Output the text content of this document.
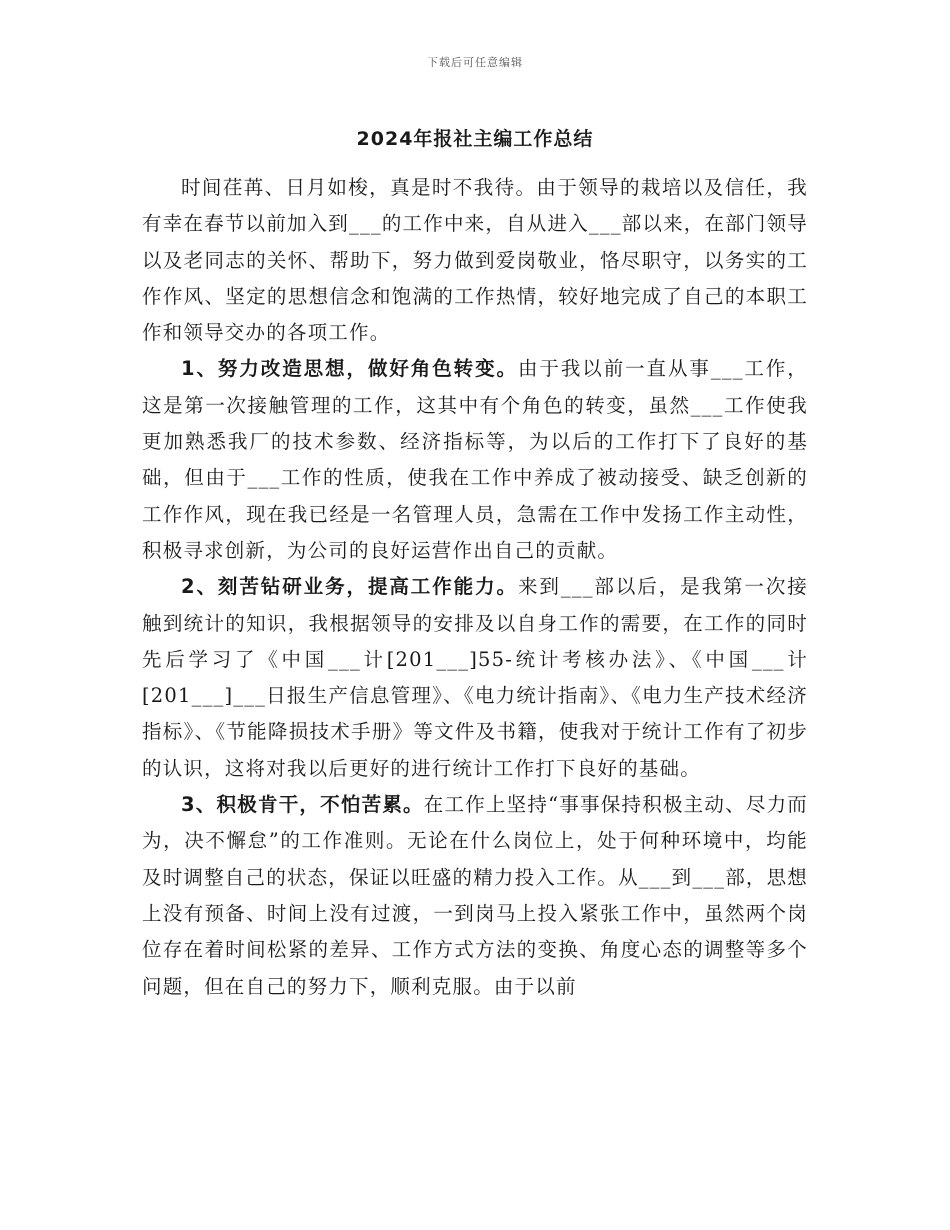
下载后可任意编辑
2024年报社主编工作总结

时间荏苒、日月如梭，真是时不我待。由于领导的栽培以及信任，我有幸在春节以前加入到___的工作中来，自从进入___部以来，在部门领导以及老同志的关怀、帮助下，努力做到爱岗敬业，恪尽职守，以务实的工作作风、坚定的思想信念和饱满的工作热情，较好地完成了自己的本职工作和领导交办的各项工作。

1、努力改造思想，做好角色转变。由于我以前一直从事___工作，这是第一次接触管理的工作，这其中有个角色的转变，虽然___工作使我更加熟悉我厂的技术参数、经济指标等，为以后的工作打下了良好的基础，但由于___工作的性质，使我在工作中养成了被动接受、缺乏创新的工作作风，现在我已经是一名管理人员，急需在工作中发扬工作主动性，积极寻求创新，为公司的良好运营作出自己的贡献。

2、刻苦钻研业务，提高工作能力。来到___部以后，是我第一次接触到统计的知识，我根据领导的安排及以自身工作的需要，在工作的同时先后学习了《中国___计[201___]55-统计考核办法》、《中国___计[201___]___日报生产信息管理》、《电力统计指南》、《电力生产技术经济指标》、《节能降损技术手册》等文件及书籍，使我对于统计工作有了初步的认识，这将对我以后更好的进行统计工作打下良好的基础。

3、积极肯干，不怕苦累。在工作上坚持“事事保持积极主动、尽力而为，决不懈怠”的工作准则。无论在什么岗位上，处于何种环境中，均能及时调整自己的状态，保证以旺盛的精力投入工作。从___到___部，思想上没有预备、时间上没有过渡，一到岗马上投入紧张工作中，虽然两个岗位存在着时间松紧的差异、工作方式方法的变换、角度心态的调整等多个问题，但在自己的努力下，顺利克服。由于以前
